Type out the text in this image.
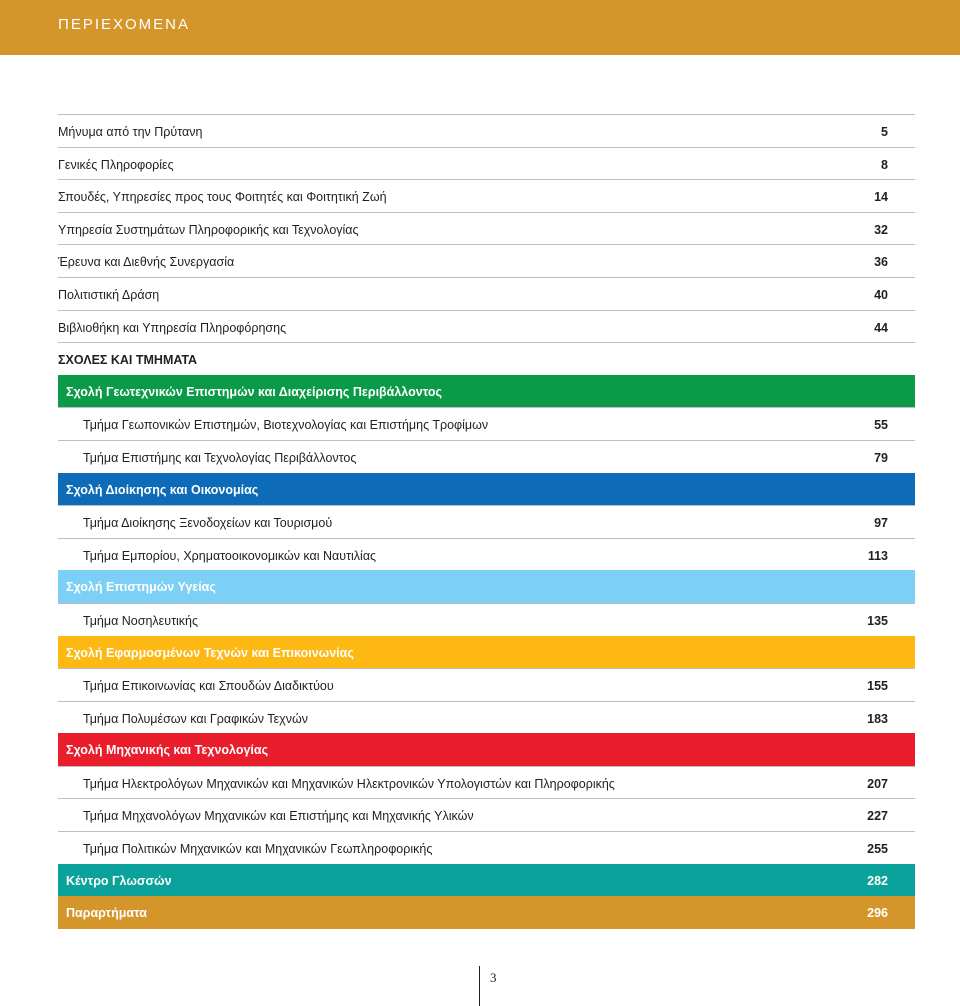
ΠΕΡΙΕΧΟΜΕΝΑ
Μήνυμα από την Πρύτανη	5
Γενικές Πληροφορίες	8
Σπουδές, Υπηρεσίες προς τους Φοιτητές και Φοιτητική Ζωή	14
Υπηρεσία Συστημάτων Πληροφορικής και Τεχνολογίας	32
Έρευνα και Διεθνής Συνεργασία	36
Πολιτιστική Δράση	40
Βιβλιοθήκη και Υπηρεσία Πληροφόρησης	44
ΣΧΟΛΕΣ ΚΑΙ ΤΜΗΜΑΤΑ
Σχολή Γεωτεχνικών Επιστημών και Διαχείρισης Περιβάλλοντος
Τμήμα Γεωπονικών Επιστημών, Βιοτεχνολογίας και Επιστήμης Τροφίμων	55
Τμήμα Επιστήμης και Τεχνολογίας Περιβάλλοντος	79
Σχολή Διοίκησης και Οικονομίας
Τμήμα Διοίκησης Ξενοδοχείων και Τουρισμού	97
Τμήμα Εμπορίου, Χρηματοοικονομικών και Ναυτιλίας	113
Σχολή Επιστημών Υγείας
Τμήμα Νοσηλευτικής	135
Σχολή Εφαρμοσμένων Τεχνών και Επικοινωνίας
Τμήμα Επικοινωνίας και Σπουδών Διαδικτύου	155
Τμήμα Πολυμέσων και Γραφικών Τεχνών	183
Σχολή Μηχανικής και Τεχνολογίας
Τμήμα Ηλεκτρολόγων Μηχανικών και Μηχανικών Ηλεκτρονικών Υπολογιστών και Πληροφορικής	207
Τμήμα Μηχανολόγων Μηχανικών και Επιστήμης και Μηχανικής Υλικών	227
Τμήμα Πολιτικών Μηχανικών και Μηχανικών Γεωπληροφορικής	255
Κέντρο Γλωσσών	282
Παραρτήματα	296
3
